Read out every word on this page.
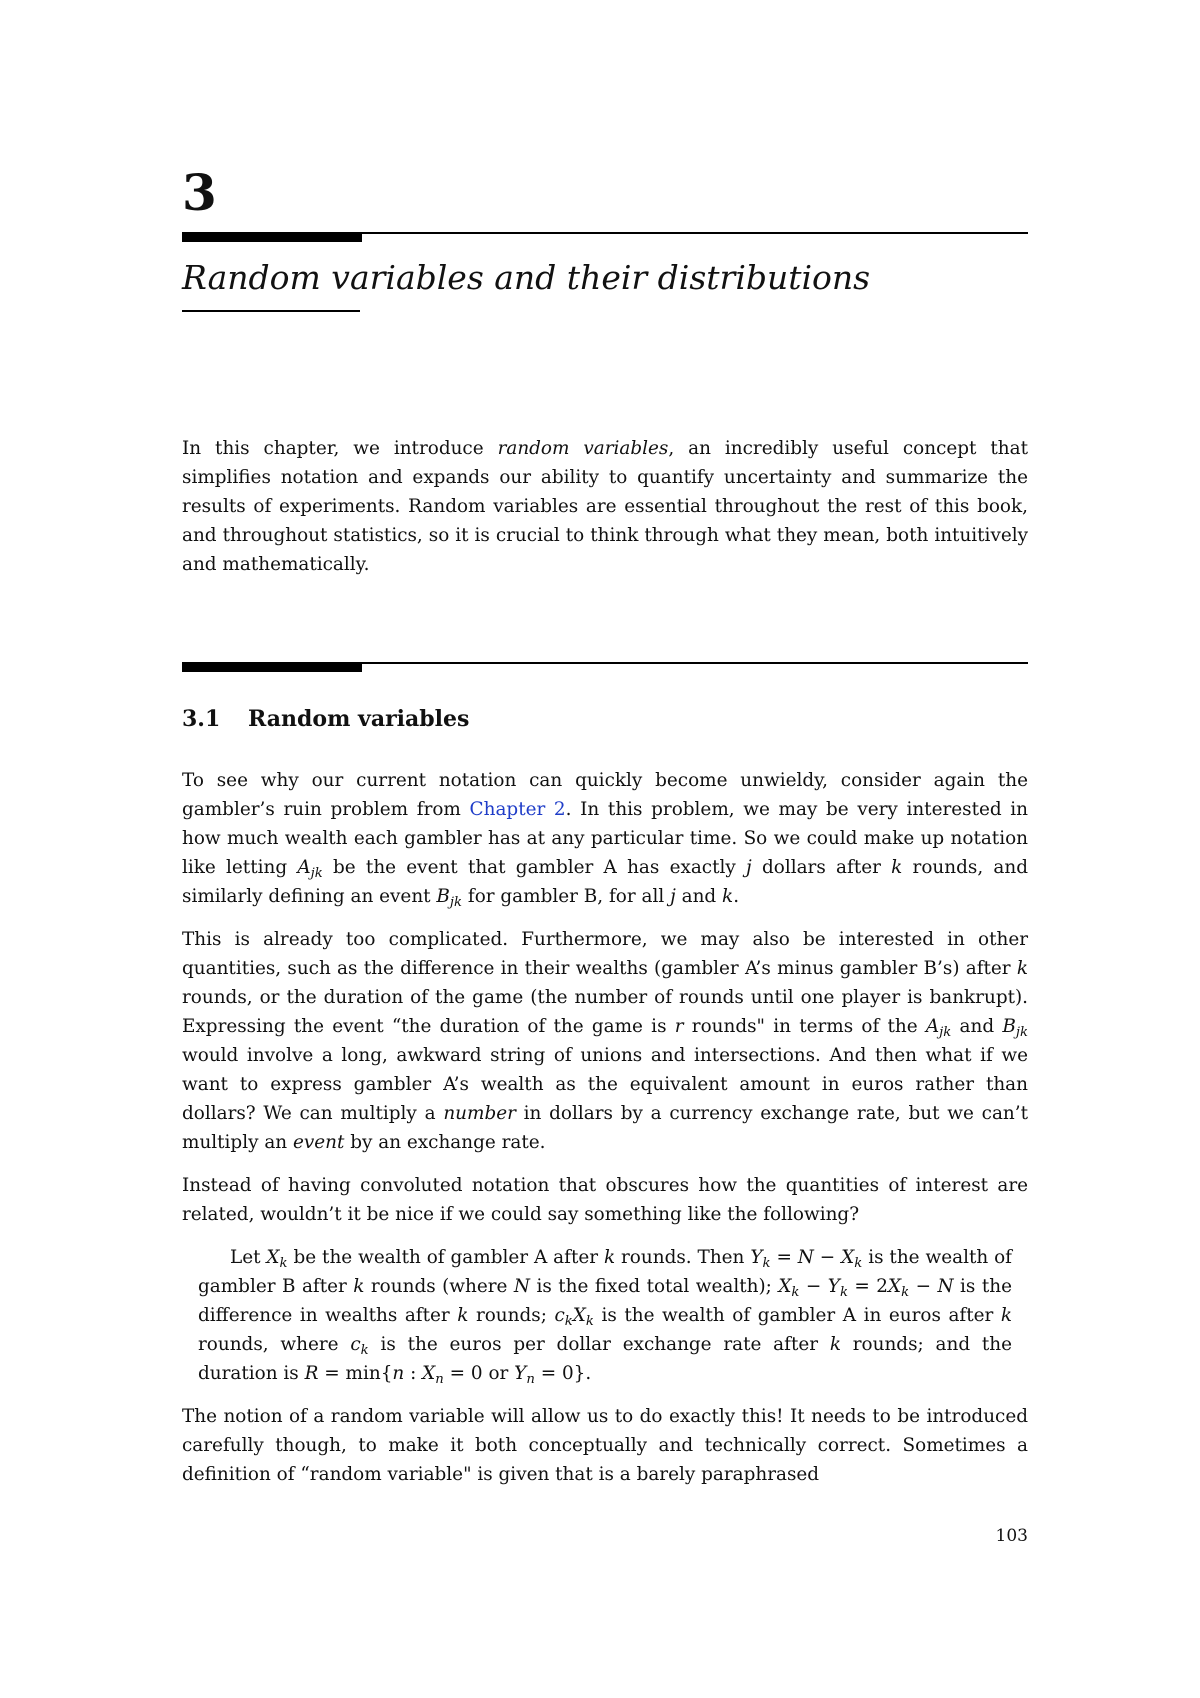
3
Random variables and their distributions
In this chapter, we introduce random variables, an incredibly useful concept that simplifies notation and expands our ability to quantify uncertainty and summarize the results of experiments. Random variables are essential throughout the rest of this book, and throughout statistics, so it is crucial to think through what they mean, both intuitively and mathematically.
3.1 Random variables

To see why our current notation can quickly become unwieldy, consider again the gambler’s ruin problem from Chapter 2. In this problem, we may be very interested in how much wealth each gambler has at any particular time. So we could make up notation like letting $A_{jk}$ be the event that gambler A has exactly j dollars after k rounds, and similarly defining an event $B_{jk}$ for gambler B, for all j and k.

This is already too complicated. Furthermore, we may also be interested in other quantities, such as the difference in their wealths (gambler A’s minus gambler B’s) after k rounds, or the duration of the game (the number of rounds until one player is bankrupt). Expressing the event “the duration of the game is r rounds" in terms of the $A_{jk}$ and $B_{jk}$ would involve a long, awkward string of unions and intersections. And then what if we want to express gambler A’s wealth as the equivalent amount in euros rather than dollars? We can multiply a number in dollars by a currency exchange rate, but we can’t multiply an event by an exchange rate.

Instead of having convoluted notation that obscures how the quantities of interest are related, wouldn’t it be nice if we could say something like the following?

Let $X_k$ be the wealth of gambler A after k rounds. Then $Y_k = N - X_k$ is the wealth of gambler B after k rounds (where N is the fixed total wealth); $X_k - Y_k = 2X_k - N$ is the difference in wealths after k rounds; $c_kX_k$ is the wealth of gambler A in euros after k rounds, where $c_k$ is the euros per dollar exchange rate after k rounds; and the duration is R = min{n : $X_n = 0$ or $Y_n = 0$}.

The notion of a random variable will allow us to do exactly this! It needs to be introduced carefully though, to make it both conceptually and technically correct. Sometimes a definition of “random variable" is given that is a barely paraphrased

103
